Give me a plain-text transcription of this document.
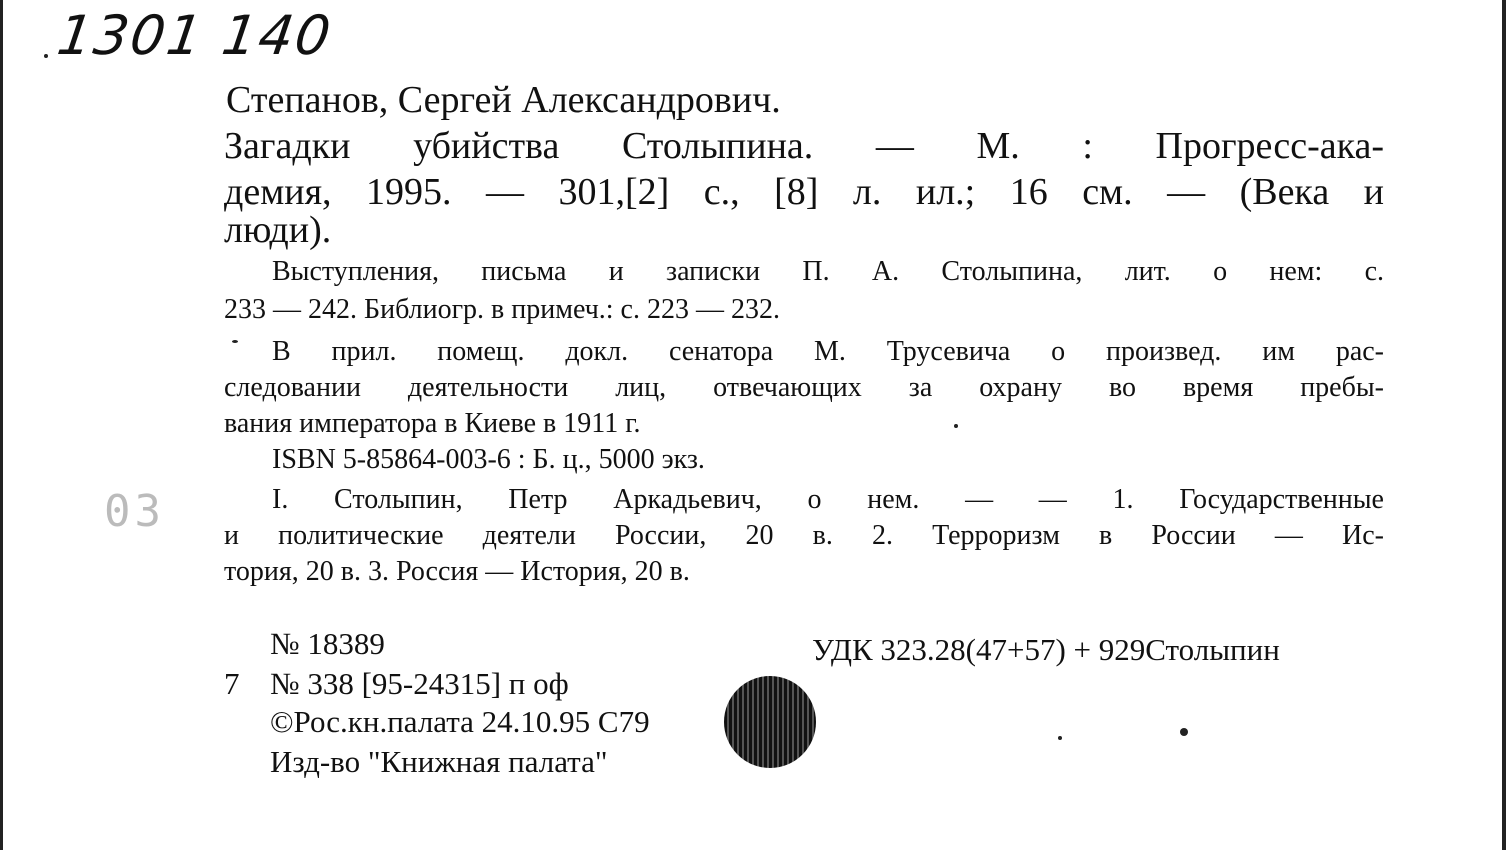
1301 140
03
Степанов, Сергей Александрович.
Загадки убийства Столыпина. — М. : Прогресс-ака-
демия, 1995. — 301,[2] с., [8] л. ил.; 16 см. — (Века и
люди).
Выступления, письма и записки П. А. Столыпина, лит. о нем: с.
233 — 242. Библиогр. в примеч.: с. 223 — 232.
В прил. помещ. докл. сенатора М. Трусевича о произвед. им рас-
следовании деятельности лиц, отвечающих за охрану во время пребы-
вания императора в Киеве в 1911 г.
ISBN 5-85864-003-6 : Б. ц., 5000 экз.
I. Столыпин, Петр Аркадьевич, о нем. — — 1. Государственные
и политические деятели России, 20 в. 2. Терроризм в России — Ис-
тория, 20 в. 3. Россия — История, 20 в.
№ 18389	УДК 323.28(47+57) + 929Столыпин
7 № 338 [95-24315] п оф
©Рос.кн.палата 24.10.95 С79
Изд-во "Книжная палата"
